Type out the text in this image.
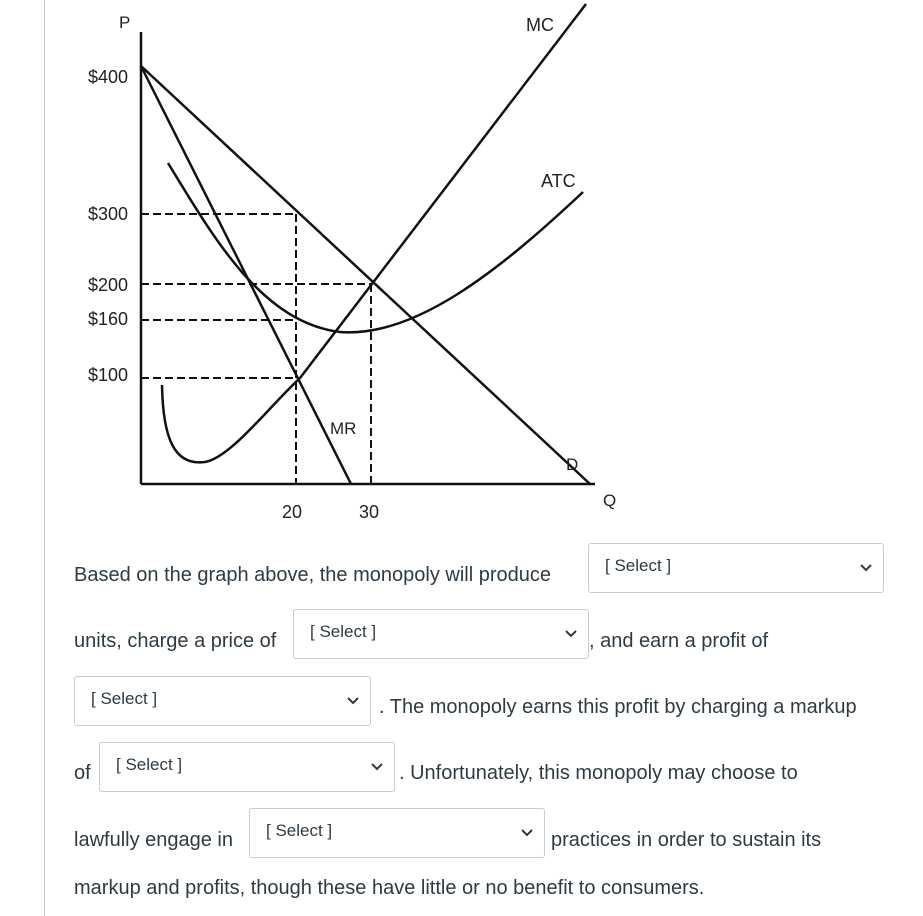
P
Q
$400
$300
$200
$160
$100
20	30
MC
ATC
MR
D
Based on the graph above, the monopoly will produce
units, charge a price of	, and earn a profit of
. The monopoly earns this profit by charging a markup
of	. Unfortunately, this monopoly may choose to
lawfully engage in	practices in order to sustain its
markup and profits, though these have little or no benefit to consumers.
[ Select ]
[ Select ]
[ Select ]
[ Select ]
[ Select ]
